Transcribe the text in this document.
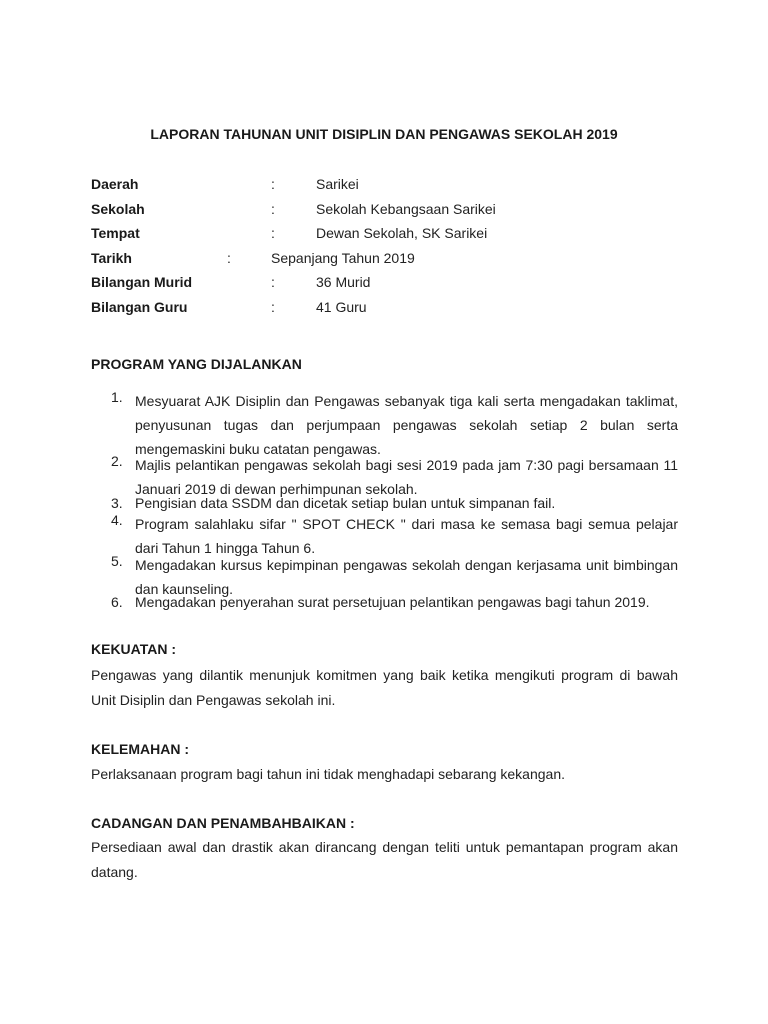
LAPORAN TAHUNAN UNIT DISIPLIN DAN PENGAWAS SEKOLAH 2019
Daerah	:	Sarikei
Sekolah	:	Sekolah Kebangsaan Sarikei
Tempat	:	Dewan Sekolah, SK Sarikei
Tarikh	:	Sepanjang Tahun 2019
Bilangan Murid	:	36 Murid
Bilangan Guru	:	41 Guru
PROGRAM YANG DIJALANKAN
1. Mesyuarat AJK Disiplin dan Pengawas sebanyak tiga kali serta mengadakan taklimat, penyusunan tugas dan perjumpaan pengawas sekolah setiap 2 bulan serta mengemaskini buku catatan pengawas.
2. Majlis pelantikan pengawas sekolah bagi sesi 2019 pada jam 7:30 pagi bersamaan 11 Januari 2019 di dewan perhimpunan sekolah.
3. Pengisian data SSDM dan dicetak setiap bulan untuk simpanan fail.
4. Program salahlaku sifar " SPOT CHECK " dari masa ke semasa bagi semua pelajar dari Tahun 1 hingga Tahun 6.
5. Mengadakan kursus kepimpinan pengawas sekolah dengan kerjasama unit bimbingan dan kaunseling.
6. Mengadakan penyerahan surat persetujuan pelantikan pengawas bagi tahun 2019.
KEKUATAN :
Pengawas yang dilantik menunjuk komitmen yang baik ketika mengikuti program di bawah Unit Disiplin dan Pengawas sekolah ini.
KELEMAHAN :
Perlaksanaan program bagi tahun ini tidak menghadapi sebarang kekangan.
CADANGAN DAN PENAMBAHBAIKAN :
Persediaan awal dan drastik akan dirancang dengan teliti untuk pemantapan program akan datang.
